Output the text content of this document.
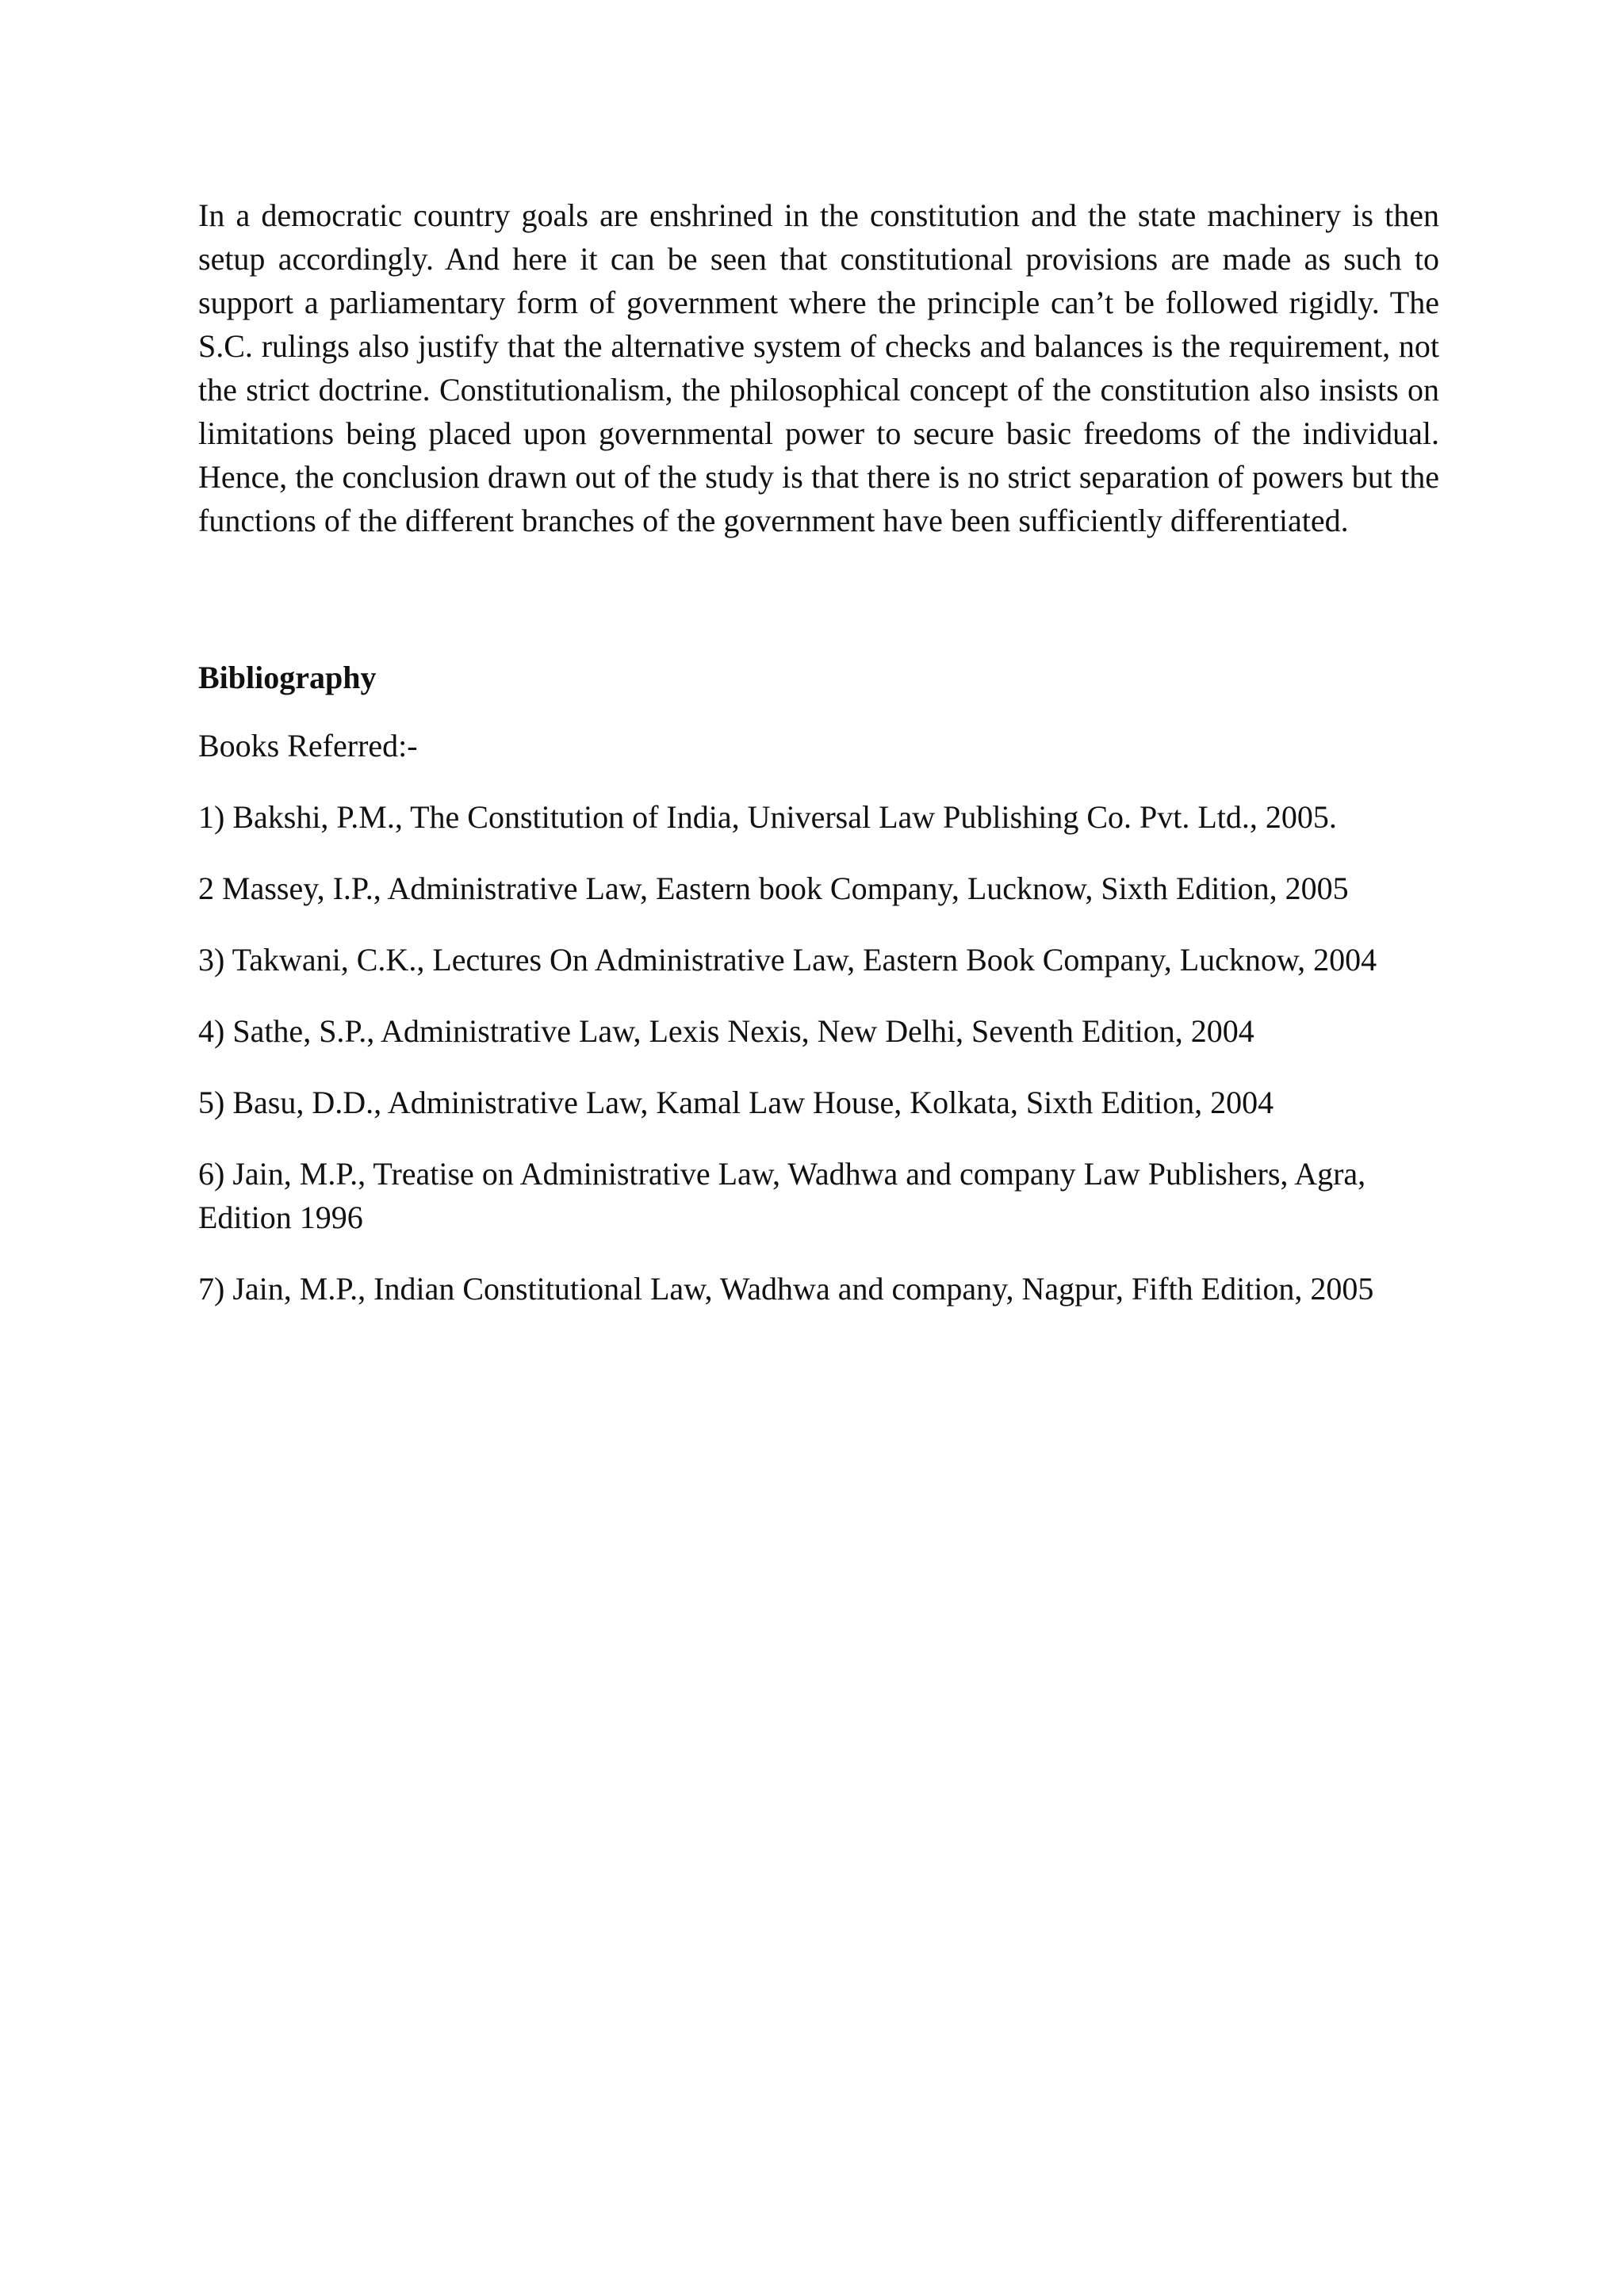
In a democratic country goals are enshrined in the constitution and the state machinery is then setup accordingly. And here it can be seen that constitutional provisions are made as such to support a parliamentary form of government where the principle can’t be followed rigidly. The S.C. rulings also justify that the alternative system of checks and balances is the requirement, not the strict doctrine. Constitutionalism, the philosophical concept of the constitution also insists on limitations being placed upon governmental power to secure basic freedoms of the individual. Hence, the conclusion drawn out of the study is that there is no strict separation of powers but the functions of the different branches of the government have been sufficiently differentiated.

Bibliography

Books Referred:-

1) Bakshi, P.M., The Constitution of India, Universal Law Publishing Co. Pvt. Ltd., 2005.
2 Massey, I.P., Administrative Law, Eastern book Company, Lucknow, Sixth Edition, 2005
3) Takwani, C.K., Lectures On Administrative Law, Eastern Book Company, Lucknow, 2004
4) Sathe, S.P., Administrative Law, Lexis Nexis, New Delhi, Seventh Edition, 2004
5) Basu, D.D., Administrative Law, Kamal Law House, Kolkata, Sixth Edition, 2004
6) Jain, M.P., Treatise on Administrative Law, Wadhwa and company Law Publishers, Agra, Edition 1996
7) Jain, M.P., Indian Constitutional Law, Wadhwa and company, Nagpur, Fifth Edition, 2005
